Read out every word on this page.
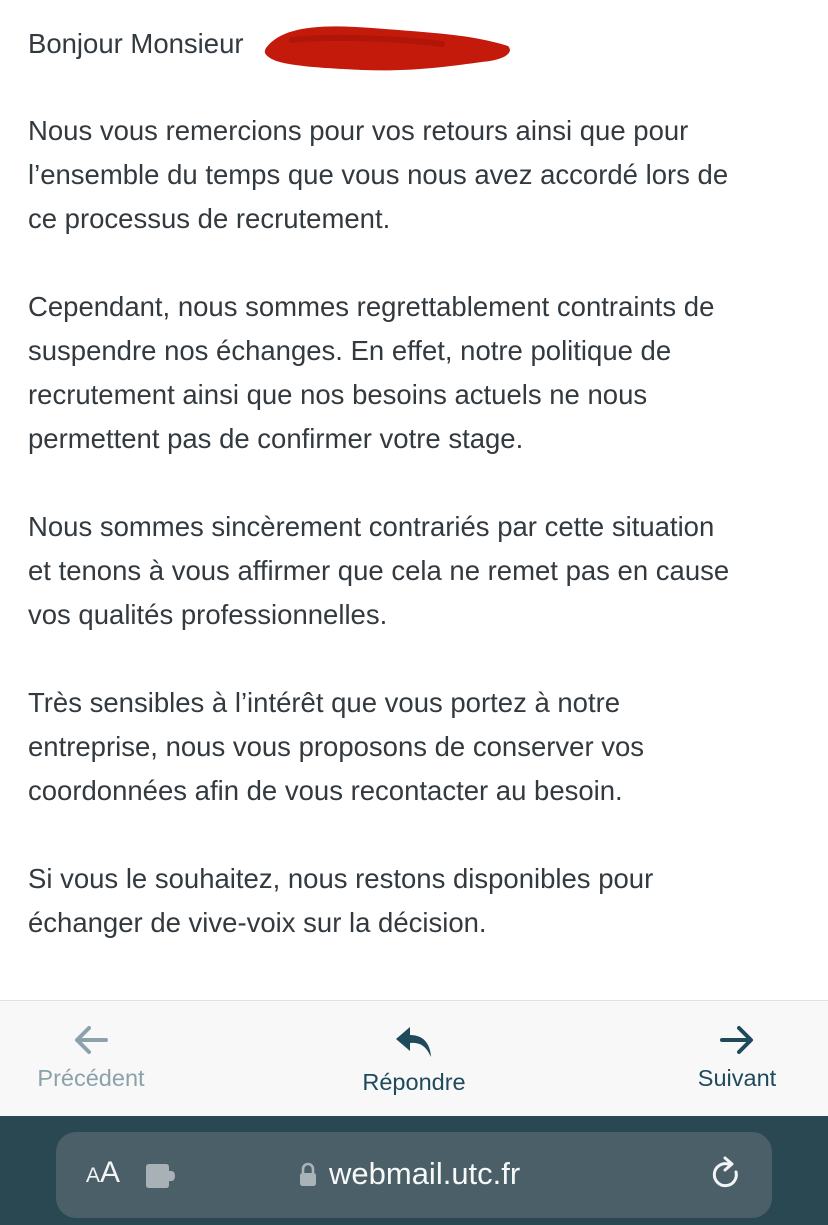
Bonjour Monsieur
Nous vous remercions pour vos retours ainsi que pour
l’ensemble du temps que vous nous avez accordé lors de
ce processus de recrutement.
Cependant, nous sommes regrettablement contraints de
suspendre nos échanges. En effet, notre politique de
recrutement ainsi que nos besoins actuels ne nous
permettent pas de confirmer votre stage.
Nous sommes sincèrement contrariés par cette situation
et tenons à vous affirmer que cela ne remet pas en cause
vos qualités professionnelles.
Très sensibles à l’intérêt que vous portez à notre
entreprise, nous vous proposons de conserver vos
coordonnées afin de vous recontacter au besoin.
Si vous le souhaitez, nous restons disponibles pour
échanger de vive-voix sur la décision.
Précédent	Répondre	Suivant
AA	webmail.utc.fr
